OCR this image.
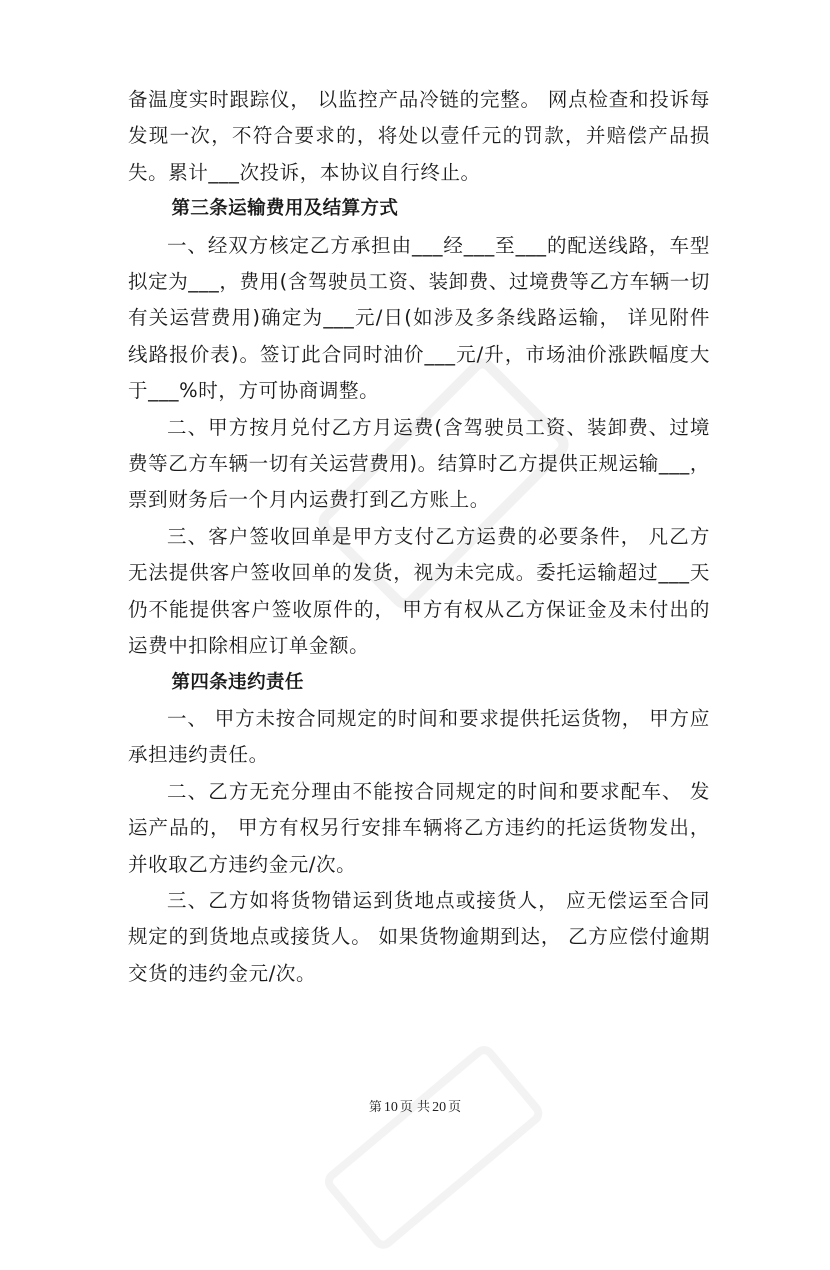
备温度实时跟踪仪， 以监控产品冷链的完整。 网点检查和投诉每发现一次，不符合要求的，将处以壹仟元的罚款，并赔偿产品损失。累计___次投诉，本协议自行终止。

第三条运输费用及结算方式

一、经双方核定乙方承担由___经___至___的配送线路，车型拟定为___，费用(含驾驶员工资、装卸费、过境费等乙方车辆一切有关运营费用)确定为___元/日(如涉及多条线路运输， 详见附件线路报价表)。签订此合同时油价___元/升，市场油价涨跌幅度大于___%时，方可协商调整。

二、甲方按月兑付乙方月运费(含驾驶员工资、装卸费、过境费等乙方车辆一切有关运营费用)。结算时乙方提供正规运输___，票到财务后一个月内运费打到乙方账上。

三、客户签收回单是甲方支付乙方运费的必要条件， 凡乙方无法提供客户签收回单的发货，视为未完成。委托运输超过___天仍不能提供客户签收原件的， 甲方有权从乙方保证金及未付出的运费中扣除相应订单金额。

第四条违约责任

一、 甲方未按合同规定的时间和要求提供托运货物， 甲方应承担违约责任。

二、乙方无充分理由不能按合同规定的时间和要求配车、 发运产品的， 甲方有权另行安排车辆将乙方违约的托运货物发出， 并收取乙方违约金元/次。

三、乙方如将货物错运到货地点或接货人， 应无偿运至合同规定的到货地点或接货人。 如果货物逾期到达， 乙方应偿付逾期交货的违约金元/次。

第 10 页 共 20 页
